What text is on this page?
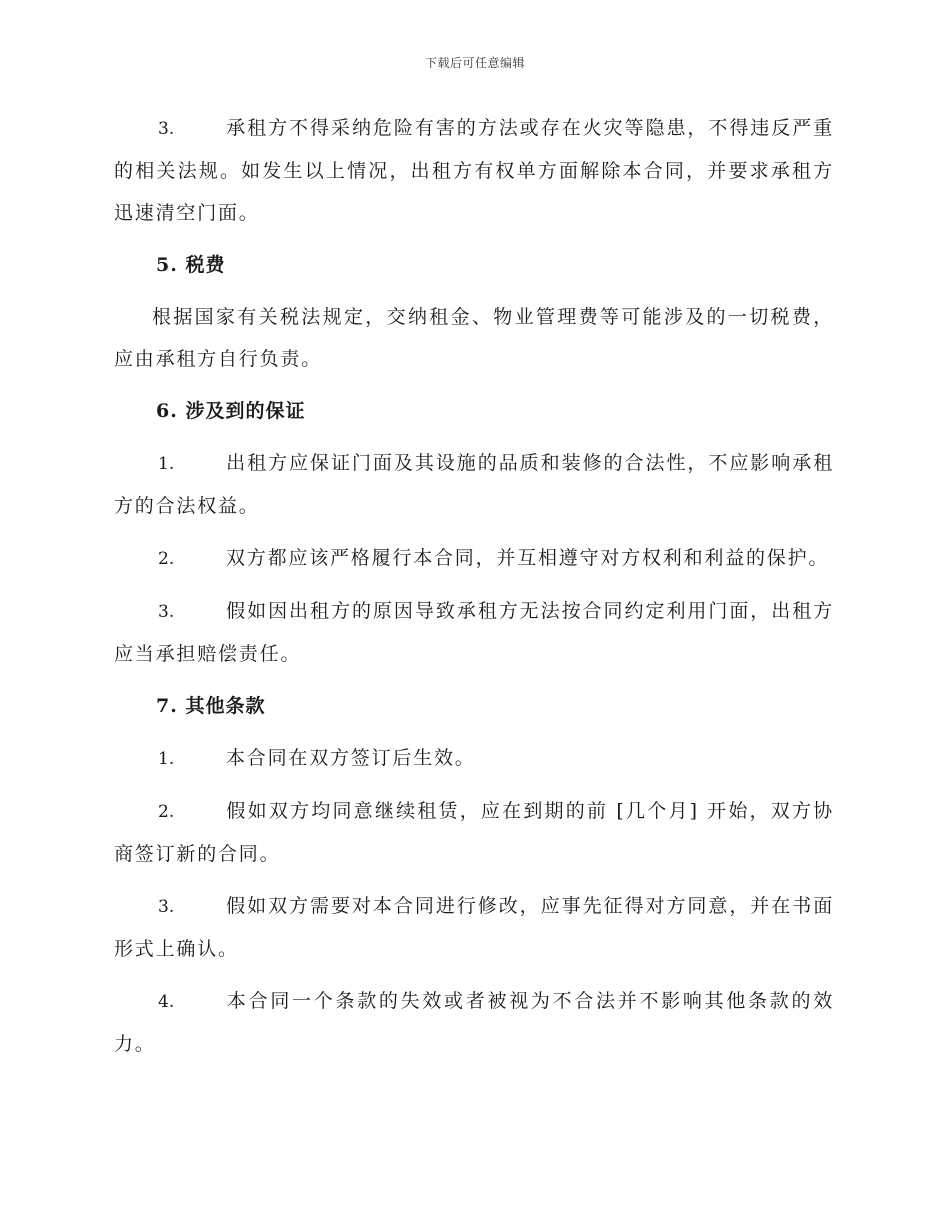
下载后可任意编辑

3.	承租方不得采纳危险有害的方法或存在火灾等隐患，不得违反严重的相关法规。如发生以上情况，出租方有权单方面解除本合同，并要求承租方迅速清空门面。

5. 税费

根据国家有关税法规定，交纳租金、物业管理费等可能涉及的一切税费，应由承租方自行负责。

6. 涉及到的保证

1.	出租方应保证门面及其设施的品质和装修的合法性，不应影响承租方的合法权益。

2.	双方都应该严格履行本合同，并互相遵守对方权利和利益的保护。

3.	假如因出租方的原因导致承租方无法按合同约定利用门面，出租方应当承担赔偿责任。

7. 其他条款

1.	本合同在双方签订后生效。

2.	假如双方均同意继续租赁，应在到期的前 [几个月] 开始，双方协商签订新的合同。

3.	假如双方需要对本合同进行修改，应事先征得对方同意，并在书面形式上确认。

4.	本合同一个条款的失效或者被视为不合法并不影响其他条款的效力。
